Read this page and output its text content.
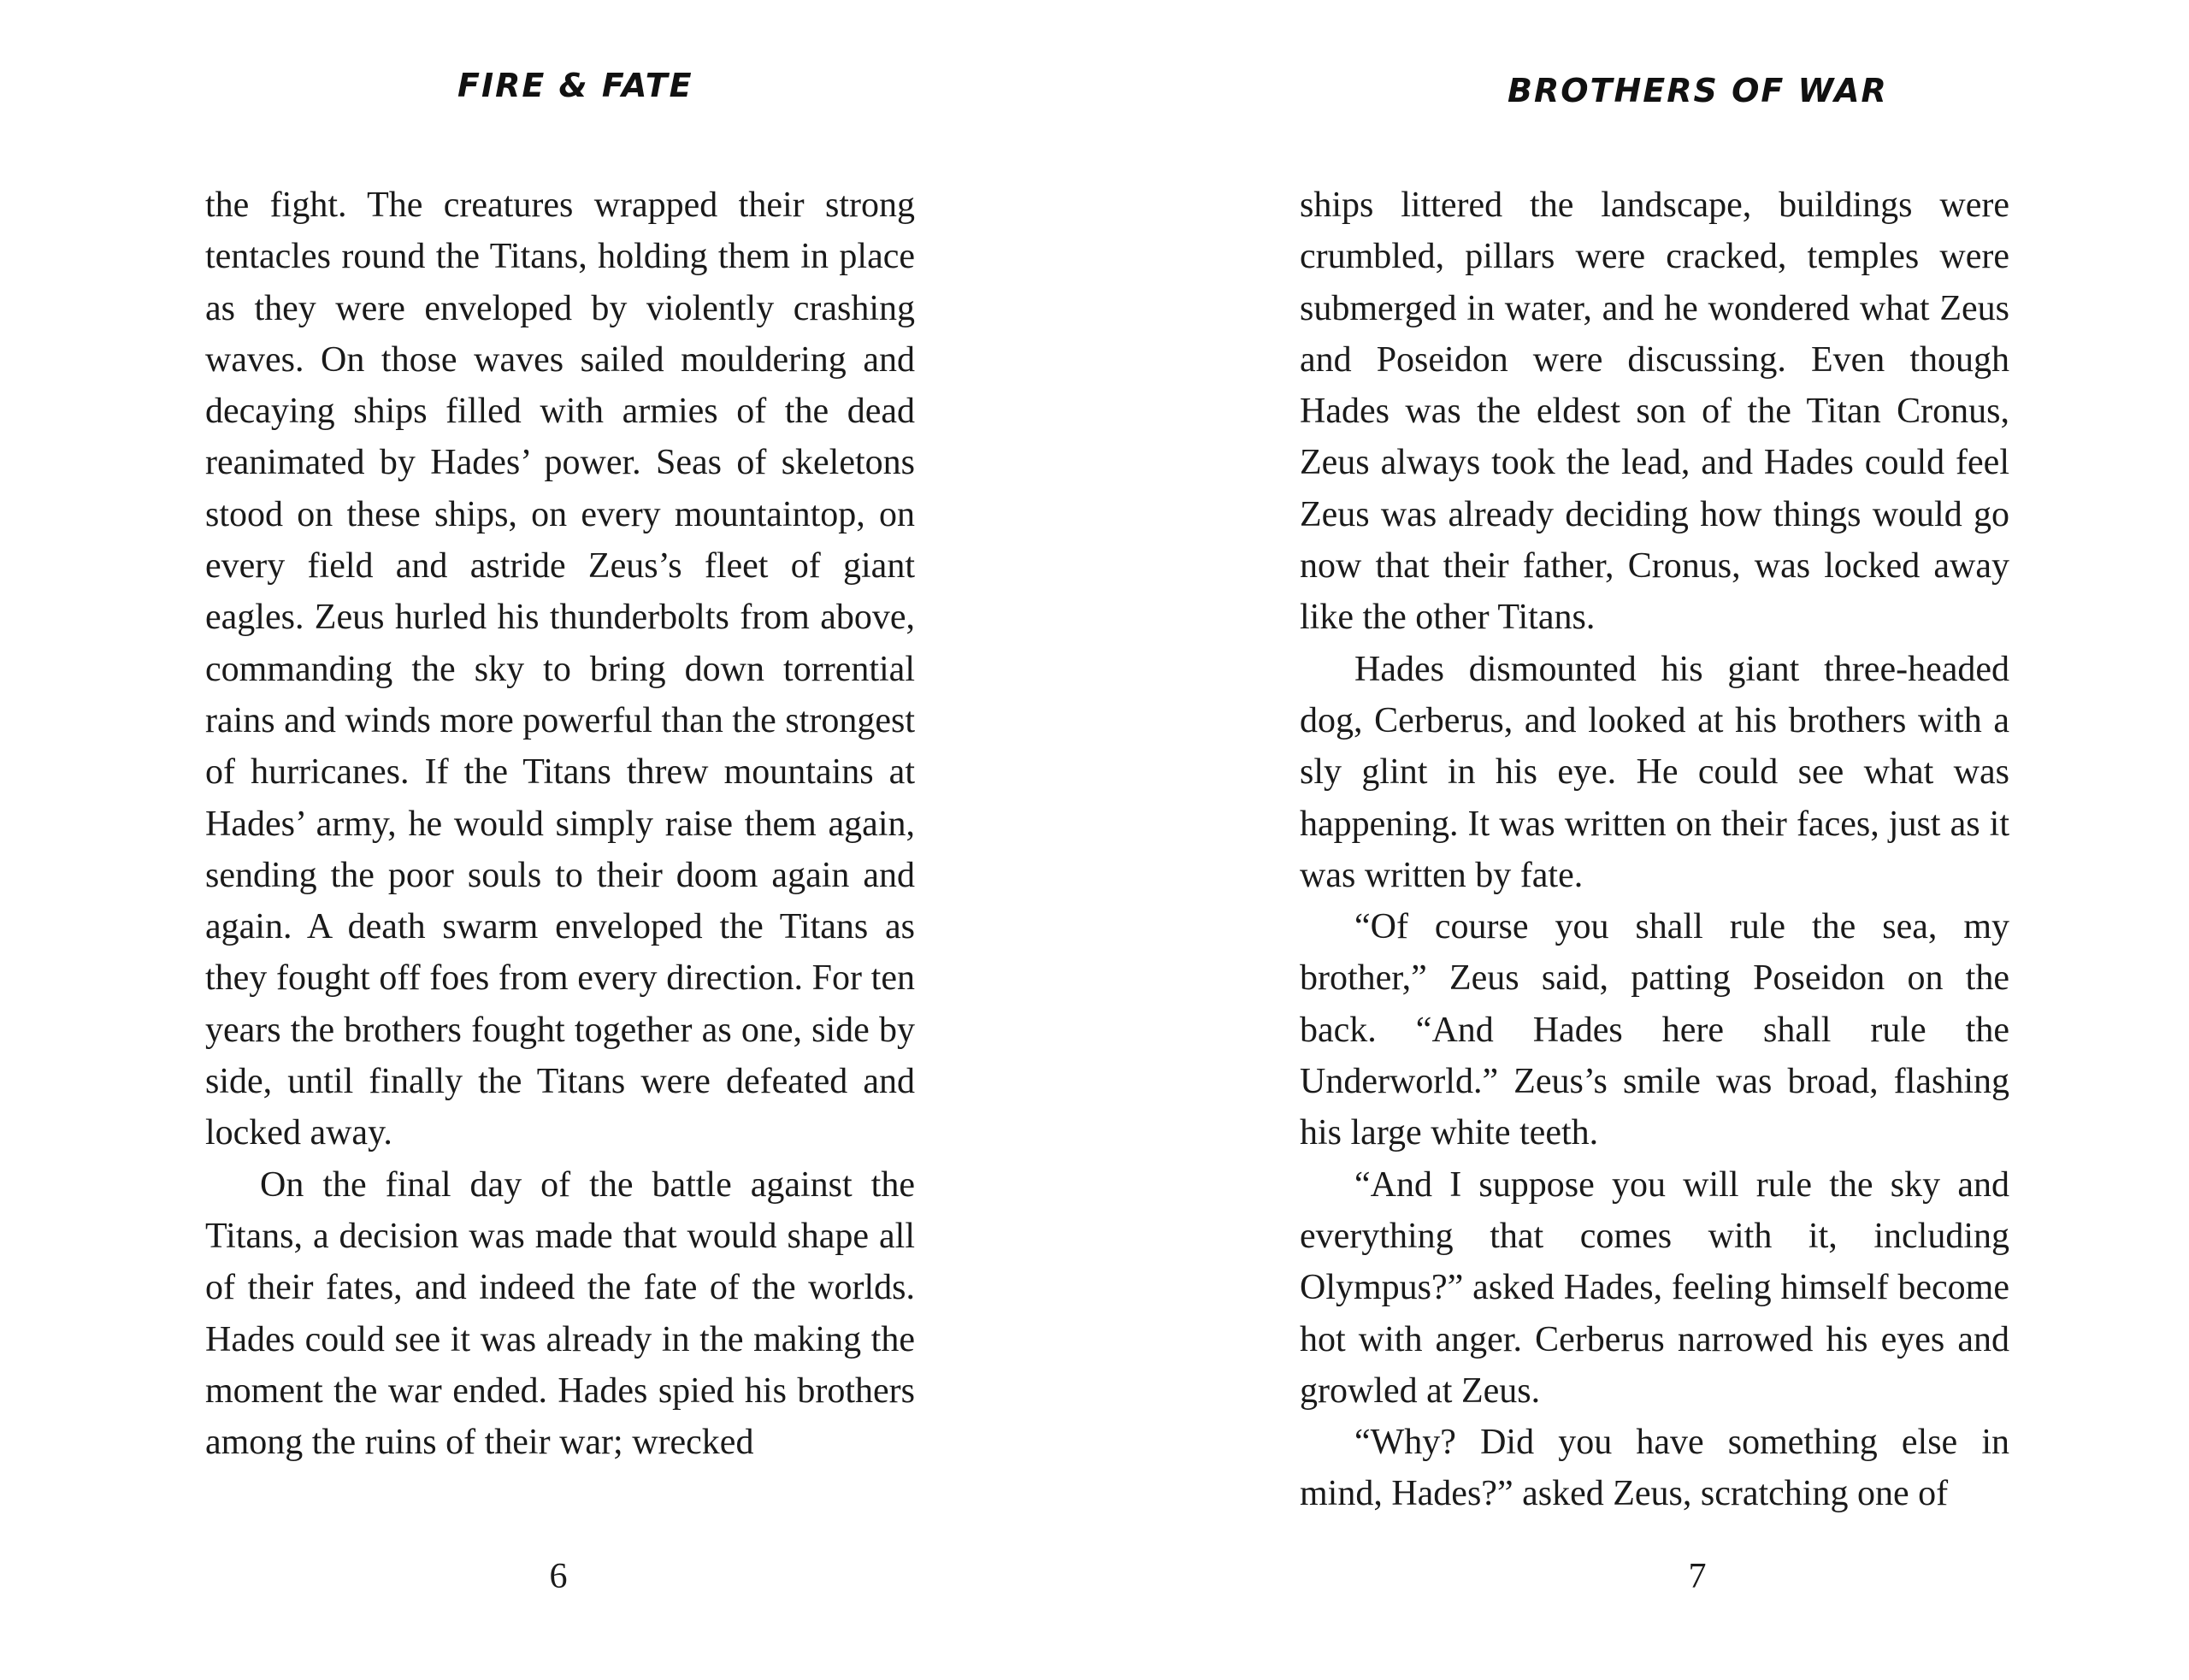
FIRE & FATE

the fight. The creatures wrapped their strong tentacles round the Titans, holding them in place as they were enveloped by violently crashing waves. On those waves sailed mouldering and decaying ships filled with armies of the dead reanimated by Hades’ power. Seas of skeletons stood on these ships, on every mountaintop, on every field and astride Zeus’s fleet of giant eagles. Zeus hurled his thunderbolts from above, commanding the sky to bring down torrential rains and winds more powerful than the strongest of hurricanes. If the Titans threw mountains at Hades’ army, he would simply raise them again, sending the poor souls to their doom again and again. A death swarm enveloped the Titans as they fought off foes from every direction. For ten years the brothers fought together as one, side by side, until finally the Titans were defeated and locked away.

On the final day of the battle against the Titans, a decision was made that would shape all of their fates, and indeed the fate of the worlds. Hades could see it was already in the making the moment the war ended. Hades spied his brothers among the ruins of their war; wrecked

6
BROTHERS OF WAR

ships littered the landscape, buildings were crumbled, pillars were cracked, temples were submerged in water, and he wondered what Zeus and Poseidon were discussing. Even though Hades was the eldest son of the Titan Cronus, Zeus always took the lead, and Hades could feel Zeus was already deciding how things would go now that their father, Cronus, was locked away like the other Titans.

Hades dismounted his giant three-headed dog, Cerberus, and looked at his brothers with a sly glint in his eye. He could see what was happening. It was written on their faces, just as it was written by fate.

“Of course you shall rule the sea, my brother,” Zeus said, patting Poseidon on the back. “And Hades here shall rule the Underworld.” Zeus’s smile was broad, flashing his large white teeth.

“And I suppose you will rule the sky and everything that comes with it, including Olympus?” asked Hades, feeling himself become hot with anger. Cerberus narrowed his eyes and growled at Zeus.

“Why? Did you have something else in mind, Hades?” asked Zeus, scratching one of

7
